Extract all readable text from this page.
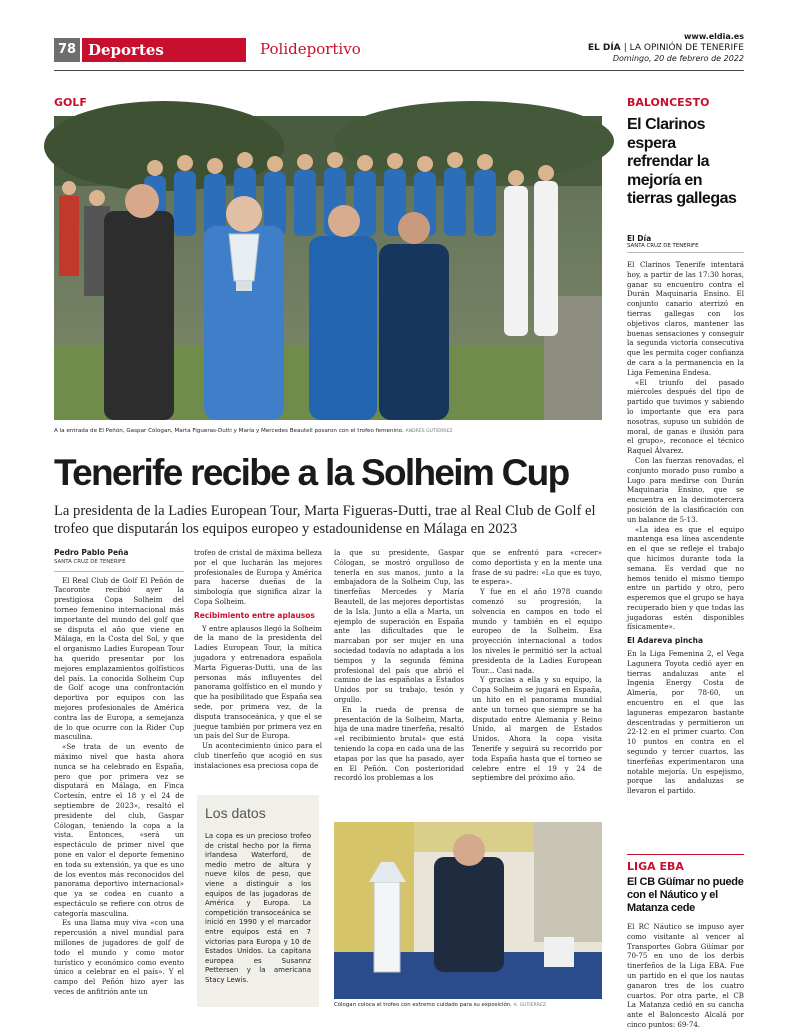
78 Deportes	Polideportivo
www.eldia.es
EL DÍA | LA OPINIÓN DE TENERIFE
Domingo, 20 de febrero de 2022
GOLF
A la entrada de El Peñón, Gaspar Cólogan, Marta Figueras-Dutti y María y Mercedes Beautell posaron con el trofeo femenino. ANDRÉS GUTIÉRREZ
Tenerife recibe a la Solheim Cup
La presidenta de la Ladies European Tour, Marta Figueras-Dutti, trae al Real Club de Golf el trofeo que disputarán los equipos europeo y estadounidense en Málaga en 2023
Pedro Pablo Peña
SANTA CRUZ DE TENERIFE

El Real Club de Golf El Peñón de Tacoronte recibió ayer la prestigiosa Copa Solheim del torneo femenino internacional más importante del mundo del golf que se disputa el año que viene en Málaga, en la Costa del Sol, y que el organismo Ladies European Tour ha querido presentar por los mejores emplazamientos golfísticos del país. La conocida Solheim Cup de Golf acoge una confrontación deportiva por equipos con las mejores profesionales de América contra las de Europa, a semejanza de lo que ocurre con la Rider Cup masculina.

«Se trata de un evento de máximo nivel que hasta ahora nunca se ha celebrado en España, pero que por primera vez se disputará en Málaga, en Finca Cortesín, entre el 18 y el 24 de septiembre de 2023», resaltó el presidente del club, Gaspar Cólogan, teniendo la copa a la vista. Entonces, «será un espectáculo de primer nivel que pone en valor el deporte femenino en toda su extensión, ya que es uno de los eventos más reconocidos del panorama deportivo internacional» que ya se codea en cuanto a espectáculo se refiere con otros de categoría masculina.

Es una llama muy viva «con una repercusión a nivel mundial para millones de jugadores de golf de todo el mundo y como motor turístico y económico como evento único a celebrar en el país». Y el campo del Peñón hizo ayer las veces de anfitrión ante un

trofeo de cristal de máxima belleza por el que lucharán las mejores profesionales de Europa y América para hacerse dueñas de la simbología que significa alzar la Copa Solheim.

Recibimiento entre aplausos

Y entre aplausos llegó la Solheim de la mano de la presidenta del Ladies European Tour, la mítica jugadora y entrenadora española Marta Figueras-Dutti, una de las personas más influyentes del panorama golfístico en el mundo y que ha posibilitado que España sea sede, por primera vez, de la disputa transoceánica, y que el se juegue también por primera vez en un país del Sur de Europa.

Un acontecimiento único para el club tinerfeño que acogió en sus instalaciones esa preciosa copa de

Los datos
La copa es un precioso trofeo de cristal hecho por la firma irlandesa Waterford, de medio metro de altura y nueve kilos de peso, que viene a distinguir a los equipos de las jugadoras de América y Europa. La competición transoceánica se inició en 1990 y el marcador entre equipos está en 7 victorias para Europa y 10 de Estados Unidos. La capitana europea es Susannz Pettersen y la americana Stacy Lewis.

la que su presidente, Gaspar Cólogan, se mostró orgulloso de tenerla en sus manos, junto a la embajadora de la Solheim Cup, las tinerfeñas Mercedes y María Beautell, de las mejores deportistas de la Isla. Junto a ella a Marta, un ejemplo de superación en España ante las dificultades que le marcaban por ser mujer en una sociedad todavía no adaptada a los tiempos y la segunda fémina profesional del país que abrió el camino de las españolas a Estados Unidos por su trabajo, tesón y orgullo.

En la rueda de prensa de presentación de la Solheim, Marta, hija de una madre tinerfeña, resaltó «el recibimiento brutal» que está teniendo la copa en cada una de las etapas por las que ha pasado, ayer en El Peñón. Con posterioridad recordó los problemas a los

que se enfrentó para «crecer» como deportista y en la mente una frase de su padre: «Lo que es tuyo, te espera».

Y fue en el año 1978 cuando comenzó su progresión, la solvencia en campos en todo el mundo y también en el equipo europeo de la Solheim. Esa proyección internacional a todos los niveles le permitió ser la actual presidenta de la Ladies European Tour... Casi nada.

Y gracias a ella y su equipo, la Copa Solheim se jugará en España, un hito en el panorama mundial ante un torneo que siempre se ha disputado entre Alemania y Reino Unido, al margen de Estados Unidos. Ahora la copa visita Tenerife y seguirá su recorrido por toda España hasta que el torneo se celebre entre el 19 y 24 de septiembre del próximo año.

Cólogan coloca el trofeo con extremo cuidado para su exposición. A. GUTIÉRREZ
BALONCESTO
El Clarinos espera refrendar la mejoría en tierras gallegas
El Día
SANTA CRUZ DE TENERIFE

El Clarinos Tenerife intentará hoy, a partir de las 17:30 horas, ganar su encuentro contra el Durán Maquinaria Ensino. El conjunto canario aterrizó en tierras gallegas con los objetivos claros, mantener las buenas sensaciones y conseguir la segunda victoria consecutiva que les permita coger confianza de cara a la permanencia en la Liga Femenina Endesa.

«El triunfo del pasado miércoles después del tipo de partido que tuvimos y sabiendo lo importante que era para nosotras, supuso un subidón de moral, de ganas e ilusión para el grupo», reconoce el técnico Raquel Álvarez.

Con las fuerzas renovadas, el conjunto morado puso rumbo a Lugo para medirse con Durán Maquinaria Ensino, que se encuentra en la decimotercera posición de la clasificación con un balance de 5-13.

«La idea es que el equipo mantenga esa línea ascendente en el que se refleje el trabajo que hicimos durante toda la semana. Es verdad que no hemos tenido el mismo tiempo entre un partido y otro, pero esperemos que el grupo se haya recuperado bien y que todas las jugadoras estén disponibles físicamente».

El Adareva pincha

En la Liga Femenina 2, el Vega Lagunera Toyota cedió ayer en tierras andaluzas ante el Ingenia Energy Costa de Almería, por 78-60, un encuentro en el que las laguneras empezaron bastante descentradas y permitieron un 22-12 en el primer cuarto. Con 10 puntos en contra en el segundo y tercer cuartos, las tinerfeñas experimentaron una notable mejoría. Un espejismo, porque las andaluzas se llevaron el partido.

LIGA EBA
El CB Güímar no puede con el Náutico y el Matanza cede

El RC Náutico se impuso ayer como visitante al vencer al Transportes Gobra Güímar por 70-75 en uno de los derbis tinerfeños de la Liga EBA. Fue un partido en el que los nautas ganaron tres de los cuatro cuartos. Por otra parte, el CB La Matanza cedió en su cancha ante el Baloncesto Alcalá por cinco puntos: 69-74.
